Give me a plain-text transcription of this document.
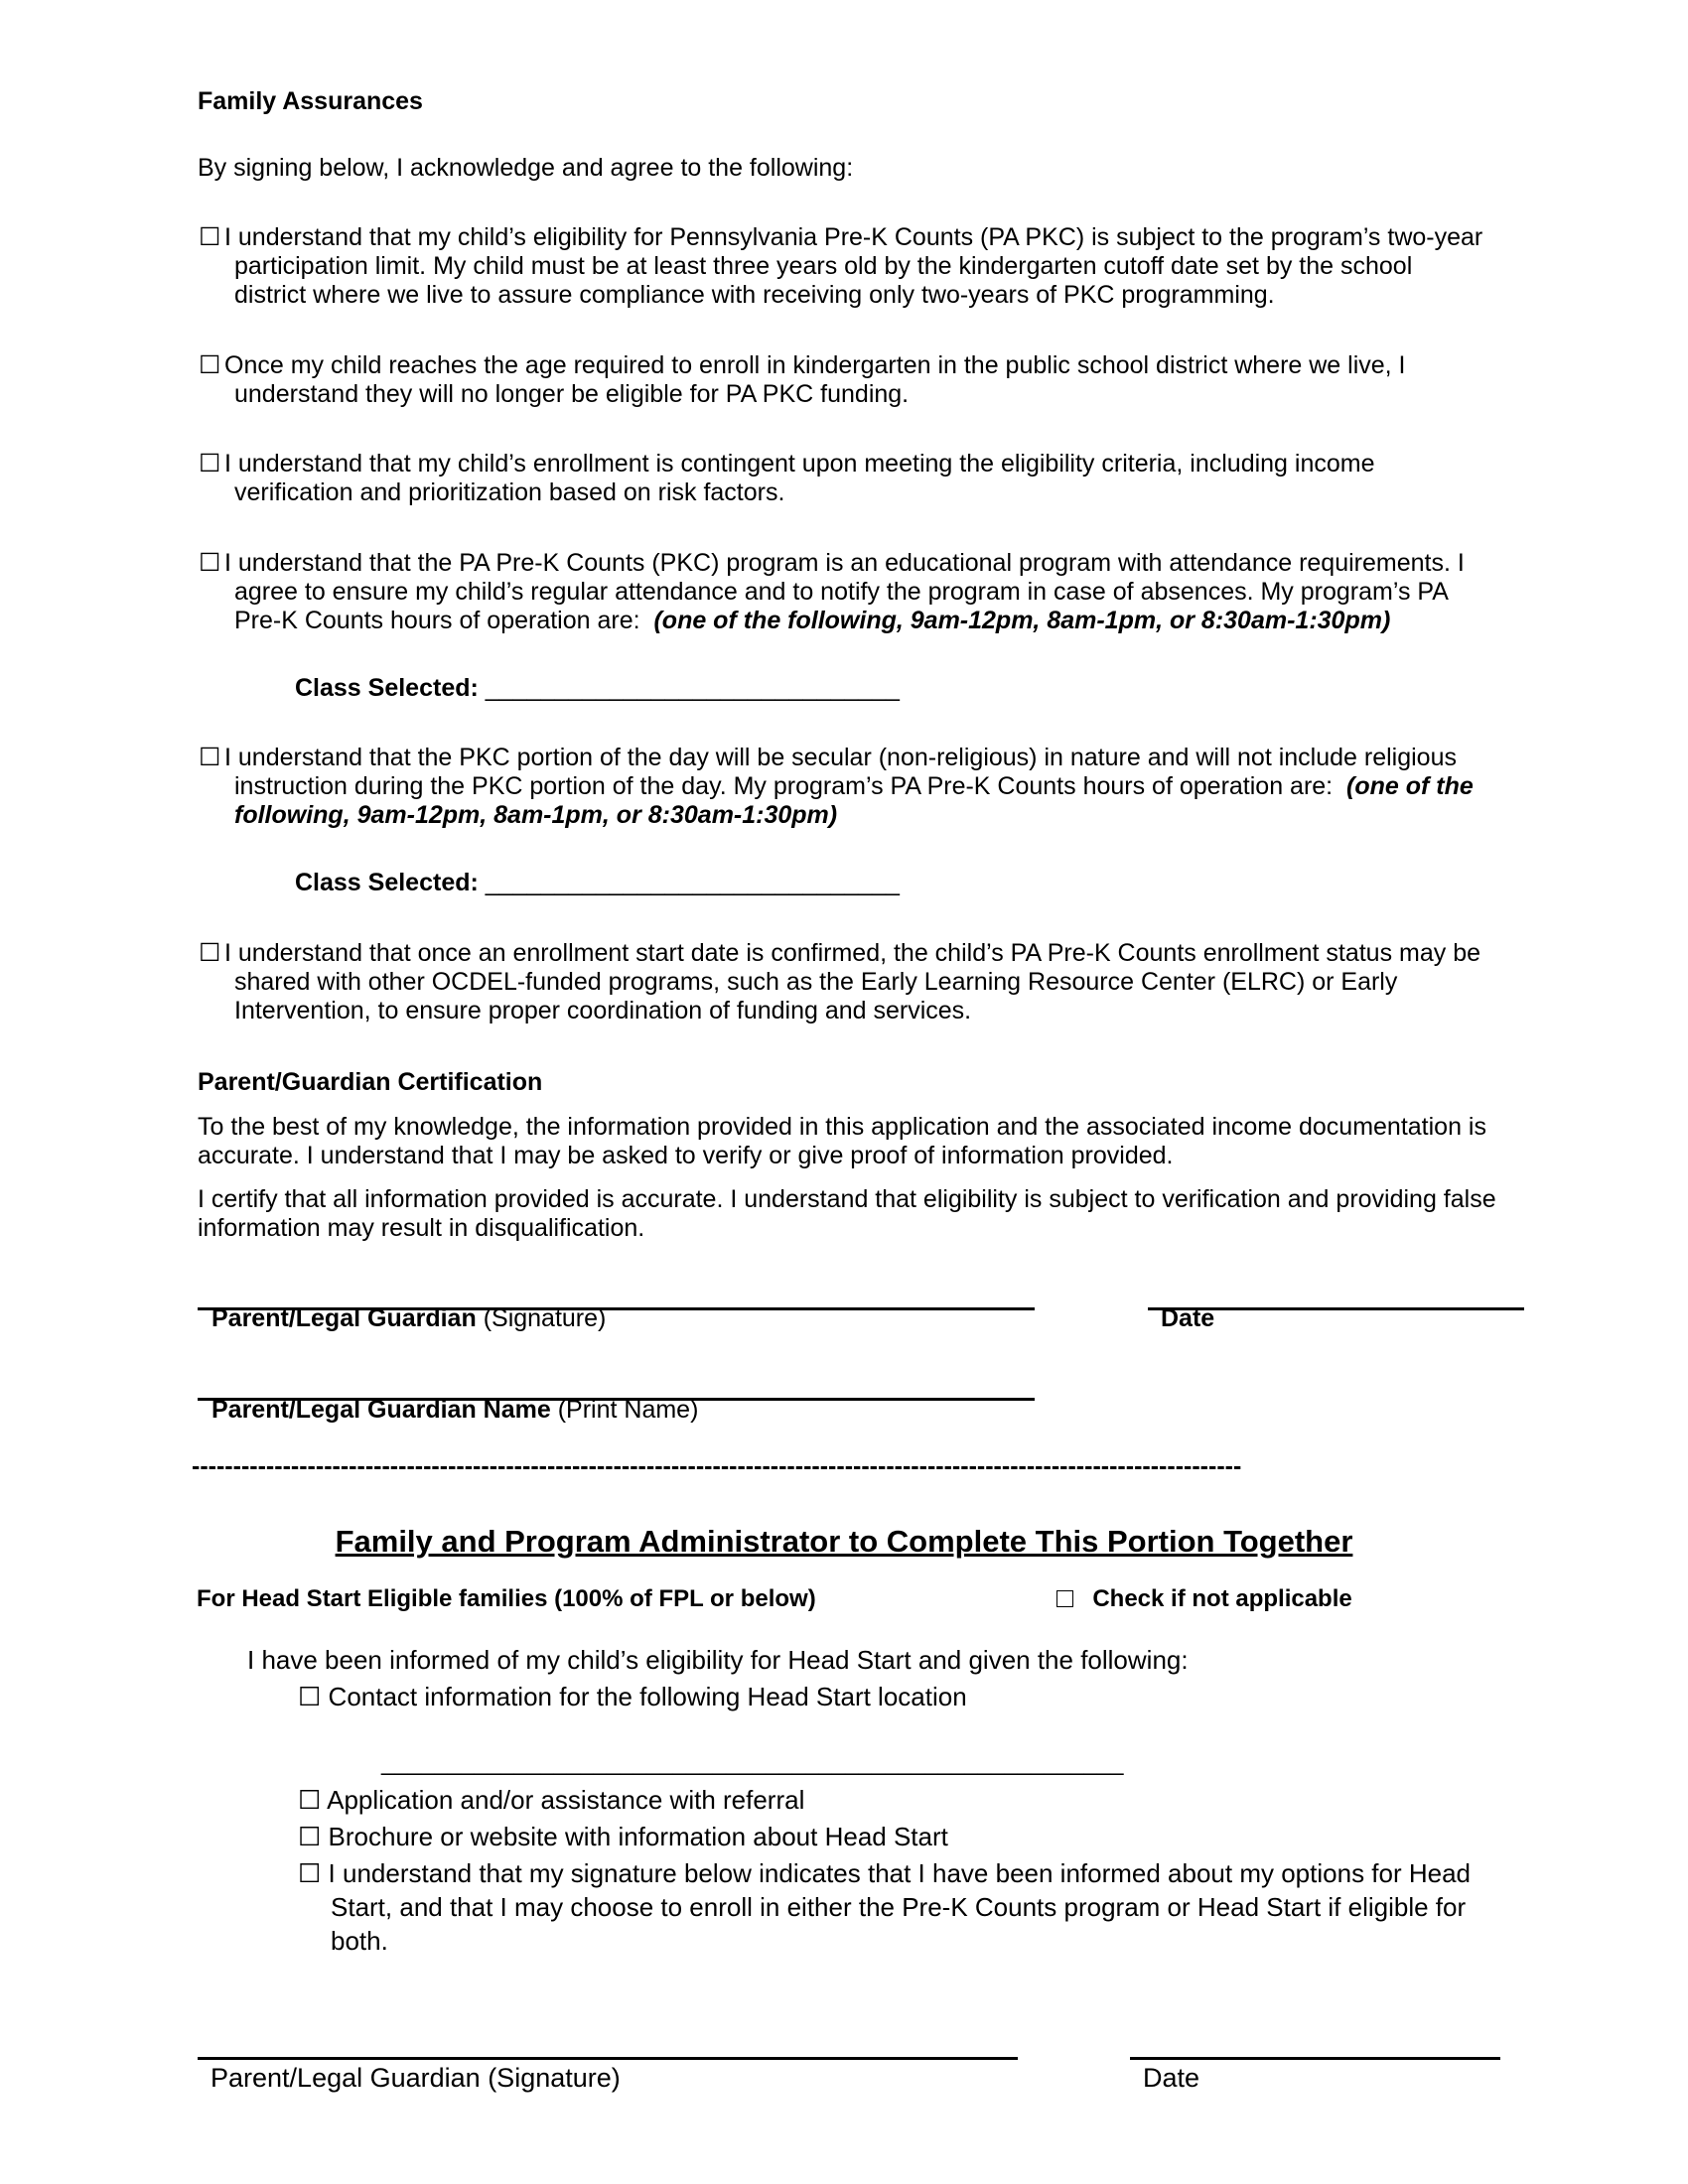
Family Assurances
By signing below, I acknowledge and agree to the following:
☐ I understand that my child’s eligibility for Pennsylvania Pre-K Counts (PA PKC) is subject to the program’s two-year
participation limit. My child must be at least three years old by the kindergarten cutoff date set by the school
district where we live to assure compliance with receiving only two-years of PKC programming.
☐ Once my child reaches the age required to enroll in kindergarten in the public school district where we live, I
understand they will no longer be eligible for PA PKC funding.
☐ I understand that my child’s enrollment is contingent upon meeting the eligibility criteria, including income
verification and prioritization based on risk factors.
☐ I understand that the PA Pre-K Counts (PKC) program is an educational program with attendance requirements. I
agree to ensure my child’s regular attendance and to notify the program in case of absences. My program’s PA
Pre-K Counts hours of operation are: (one of the following, 9am-12pm, 8am-1pm, or 8:30am-1:30pm)
Class Selected: ______________________________
☐ I understand that the PKC portion of the day will be secular (non-religious) in nature and will not include religious
instruction during the PKC portion of the day. My program’s PA Pre-K Counts hours of operation are: (one of the
following, 9am-12pm, 8am-1pm, or 8:30am-1:30pm)
Class Selected: ______________________________
☐ I understand that once an enrollment start date is confirmed, the child’s PA Pre-K Counts enrollment status may be
shared with other OCDEL-funded programs, such as the Early Learning Resource Center (ELRC) or Early
Intervention, to ensure proper coordination of funding and services.
Parent/Guardian Certification
To the best of my knowledge, the information provided in this application and the associated income documentation is
accurate. I understand that I may be asked to verify or give proof of information provided.
I certify that all information provided is accurate. I understand that eligibility is subject to verification and providing false
information may result in disqualification.
Parent/Legal Guardian (Signature)	Date
Parent/Legal Guardian Name (Print Name)
-------------------------------------------------------------------------------------------------------------------------------
Family and Program Administrator to Complete This Portion Together
For Head Start Eligible families (100% of FPL or below)	Check if not applicable
I have been informed of my child’s eligibility for Head Start and given the following:
☐ Contact information for the following Head Start location
________________________________________________________
☐ Application and/or assistance with referral
☐ Brochure or website with information about Head Start
☐ I understand that my signature below indicates that I have been informed about my options for Head
Start, and that I may choose to enroll in either the Pre-K Counts program or Head Start if eligible for
both.
Parent/Legal Guardian (Signature)	Date
